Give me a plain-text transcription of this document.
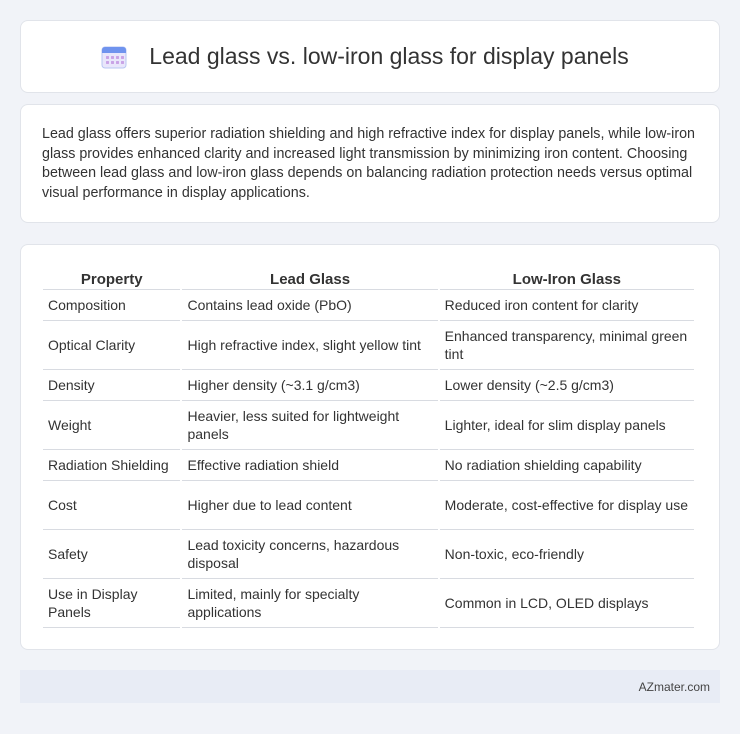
Lead glass vs. low-iron glass for display panels

Lead glass offers superior radiation shielding and high refractive index for display panels, while low-iron glass provides enhanced clarity and increased light transmission by minimizing iron content. Choosing between lead glass and low-iron glass depends on balancing radiation protection needs versus optimal visual performance in display applications.

Property	Lead Glass	Low-Iron Glass
Composition	Contains lead oxide (PbO)	Reduced iron content for clarity
Optical Clarity	High refractive index, slight yellow tint	Enhanced transparency, minimal green tint
Density	Higher density (~3.1 g/cm3)	Lower density (~2.5 g/cm3)
Weight	Heavier, less suited for lightweight panels	Lighter, ideal for slim display panels
Radiation Shielding	Effective radiation shield	No radiation shielding capability
Cost	Higher due to lead content	Moderate, cost-effective for display use
Safety	Lead toxicity concerns, hazardous disposal	Non-toxic, eco-friendly
Use in Display Panels	Limited, mainly for specialty applications	Common in LCD, OLED displays
AZmater.com
